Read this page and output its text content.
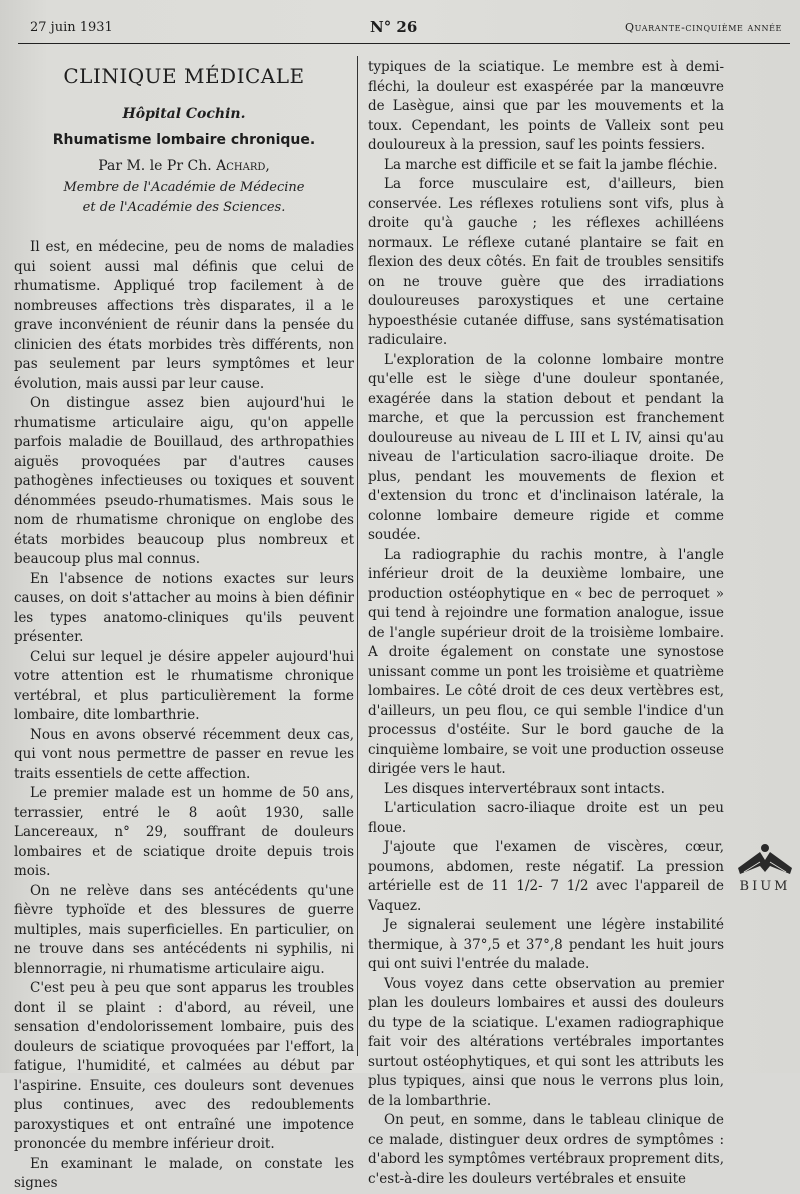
27 juin 1931	N° 26	Quarante-cinquième année
CLINIQUE MÉDICALE
Hôpital Cochin.
Rhumatisme lombaire chronique.
Par M. le Pr Ch. Achard,
Membre de l'Académie de Médecine
et de l'Académie des Sciences.

Il est, en médecine, peu de noms de maladies qui soient aussi mal définis que celui de rhumatisme. Appliqué trop facilement à de nombreuses affections très disparates, il a le grave inconvénient de réunir dans la pensée du clinicien des états morbides très différents, non pas seulement par leurs symptômes et leur évolution, mais aussi par leur cause.

On distingue assez bien aujourd'hui le rhumatisme articulaire aigu, qu'on appelle parfois maladie de Bouillaud, des arthropathies aiguës provoquées par d'autres causes pathogènes infectieuses ou toxiques et souvent dénommées pseudo-rhumatismes. Mais sous le nom de rhumatisme chronique on englobe des états morbides beaucoup plus nombreux et beaucoup plus mal connus.

En l'absence de notions exactes sur leurs causes, on doit s'attacher au moins à bien définir les types anatomo-cliniques qu'ils peuvent présenter.

Celui sur lequel je désire appeler aujourd'hui votre attention est le rhumatisme chronique vertébral, et plus particulièrement la forme lombaire, dite lombarthrie.

Nous en avons observé récemment deux cas, qui vont nous permettre de passer en revue les traits essentiels de cette affection.

Le premier malade est un homme de 50 ans, terrassier, entré le 8 août 1930, salle Lancereaux, n° 29, souffrant de douleurs lombaires et de sciatique droite depuis trois mois.

On ne relève dans ses antécédents qu'une fièvre typhoïde et des blessures de guerre multiples, mais superficielles. En particulier, on ne trouve dans ses antécédents ni syphilis, ni blennorragie, ni rhumatisme articulaire aigu.

C'est peu à peu que sont apparus les troubles dont il se plaint : d'abord, au réveil, une sensation d'endolorissement lombaire, puis des douleurs de sciatique provoquées par l'effort, la fatigue, l'humidité, et calmées au début par l'aspirine. Ensuite, ces douleurs sont devenues plus continues, avec des redoublements paroxystiques et ont entraîné une impotence prononcée du membre inférieur droit.

En examinant le malade, on constate les signes

typiques de la sciatique. Le membre est à demi-fléchi, la douleur est exaspérée par la manœuvre de Lasègue, ainsi que par les mouvements et la toux. Cependant, les points de Valleix sont peu douloureux à la pression, sauf les points fessiers.

La marche est difficile et se fait la jambe fléchie.

La force musculaire est, d'ailleurs, bien conservée. Les réflexes rotuliens sont vifs, plus à droite qu'à gauche ; les réflexes achilléens normaux. Le réflexe cutané plantaire se fait en flexion des deux côtés. En fait de troubles sensitifs on ne trouve guère que des irradiations douloureuses paroxystiques et une certaine hypoesthésie cutanée diffuse, sans systématisation radiculaire.

L'exploration de la colonne lombaire montre qu'elle est le siège d'une douleur spontanée, exagérée dans la station debout et pendant la marche, et que la percussion est franchement douloureuse au niveau de L III et L IV, ainsi qu'au niveau de l'articulation sacro-iliaque droite. De plus, pendant les mouvements de flexion et d'extension du tronc et d'inclinaison latérale, la colonne lombaire demeure rigide et comme soudée.

La radiographie du rachis montre, à l'angle inférieur droit de la deuxième lombaire, une production ostéophytique en « bec de perroquet » qui tend à rejoindre une formation analogue, issue de l'angle supérieur droit de la troisième lombaire. A droite également on constate une synostose unissant comme un pont les troisième et quatrième lombaires. Le côté droit de ces deux vertèbres est, d'ailleurs, un peu flou, ce qui semble l'indice d'un processus d'ostéite. Sur le bord gauche de la cinquième lombaire, se voit une production osseuse dirigée vers le haut.

Les disques intervertébraux sont intacts.

L'articulation sacro-iliaque droite est un peu floue.

J'ajoute que l'examen de viscères, cœur, poumons, abdomen, reste négatif. La pression artérielle est de 11 1/2- 7 1/2 avec l'appareil de Vaquez.

Je signalerai seulement une légère instabilité thermique, à 37°,5 et 37°,8 pendant les huit jours qui ont suivi l'entrée du malade.

Vous voyez dans cette observation au premier plan les douleurs lombaires et aussi des douleurs du type de la sciatique. L'examen radiographique fait voir des altérations vertébrales importantes surtout ostéophytiques, et qui sont les attributs les plus typiques, ainsi que nous le verrons plus loin, de la lombarthrie.

On peut, en somme, dans le tableau clinique de ce malade, distinguer deux ordres de symptômes : d'abord les symptômes vertébraux proprement dits, c'est-à-dire les douleurs vertébrales et ensuite

BIUM
